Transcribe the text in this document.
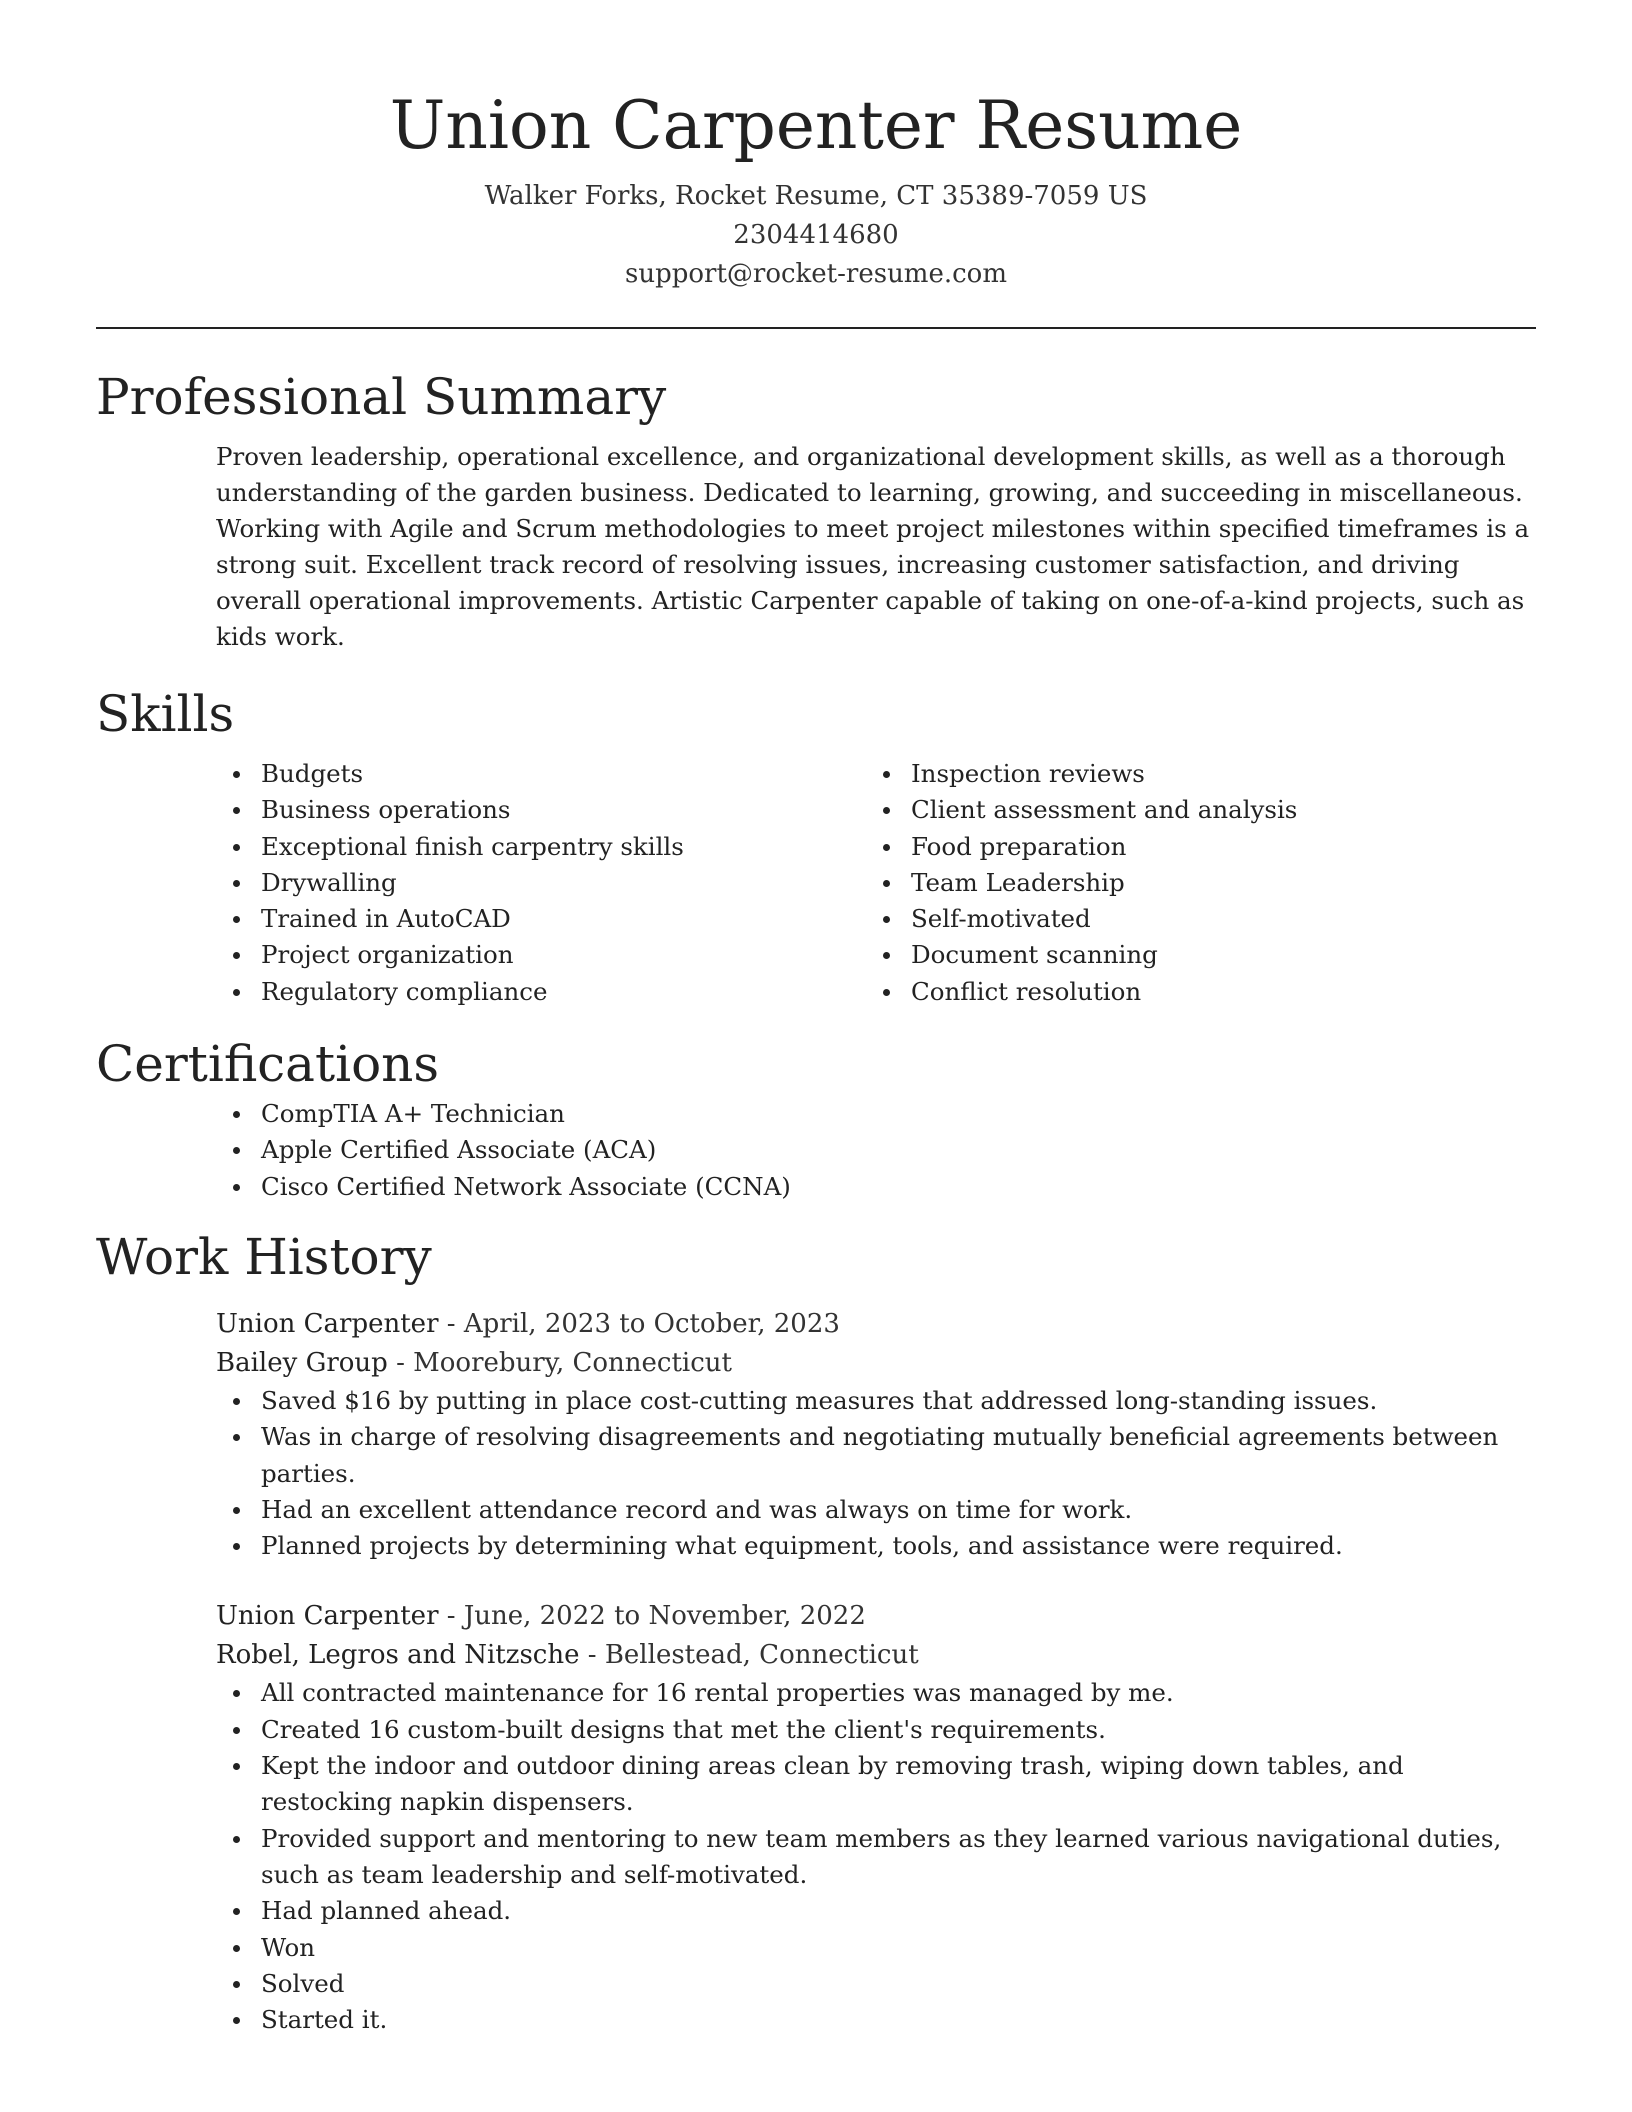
Union Carpenter Resume

Walker Forks, Rocket Resume, CT 35389-7059 US

2304414680

support@rocket-resume.com

Professional Summary

Proven leadership, operational excellence, and organizational development skills, as well as a thorough understanding of the garden business. Dedicated to learning, growing, and succeeding in miscellaneous. Working with Agile and Scrum methodologies to meet project milestones within specified timeframes is a strong suit. Excellent track record of resolving issues, increasing customer satisfaction, and driving overall operational improvements. Artistic Carpenter capable of taking on one-of-a-kind projects, such as kids work.

Skills
Budgets
Business operations
Exceptional finish carpentry skills
Drywalling
Trained in AutoCAD
Project organization
Regulatory compliance
Inspection reviews
Client assessment and analysis
Food preparation
Team Leadership
Self-motivated
Document scanning
Conflict resolution
Certifications
CompTIA A+ Technician
Apple Certified Associate (ACA)
Cisco Certified Network Associate (CCNA)
Work History

Union Carpenter - April, 2023 to October, 2023

Bailey Group - Moorebury, Connecticut

Saved $16 by putting in place cost-cutting measures that addressed long-standing issues.
Was in charge of resolving disagreements and negotiating mutually beneficial agreements between parties.
Had an excellent attendance record and was always on time for work.
Planned projects by determining what equipment, tools, and assistance were required.

Union Carpenter - June, 2022 to November, 2022

Robel, Legros and Nitzsche - Bellestead, Connecticut

All contracted maintenance for 16 rental properties was managed by me.
Created 16 custom-built designs that met the client's requirements.
Kept the indoor and outdoor dining areas clean by removing trash, wiping down tables, and restocking napkin dispensers.
Provided support and mentoring to new team members as they learned various navigational duties, such as team leadership and self-motivated.
Had planned ahead.
Won
Solved
Started it.
